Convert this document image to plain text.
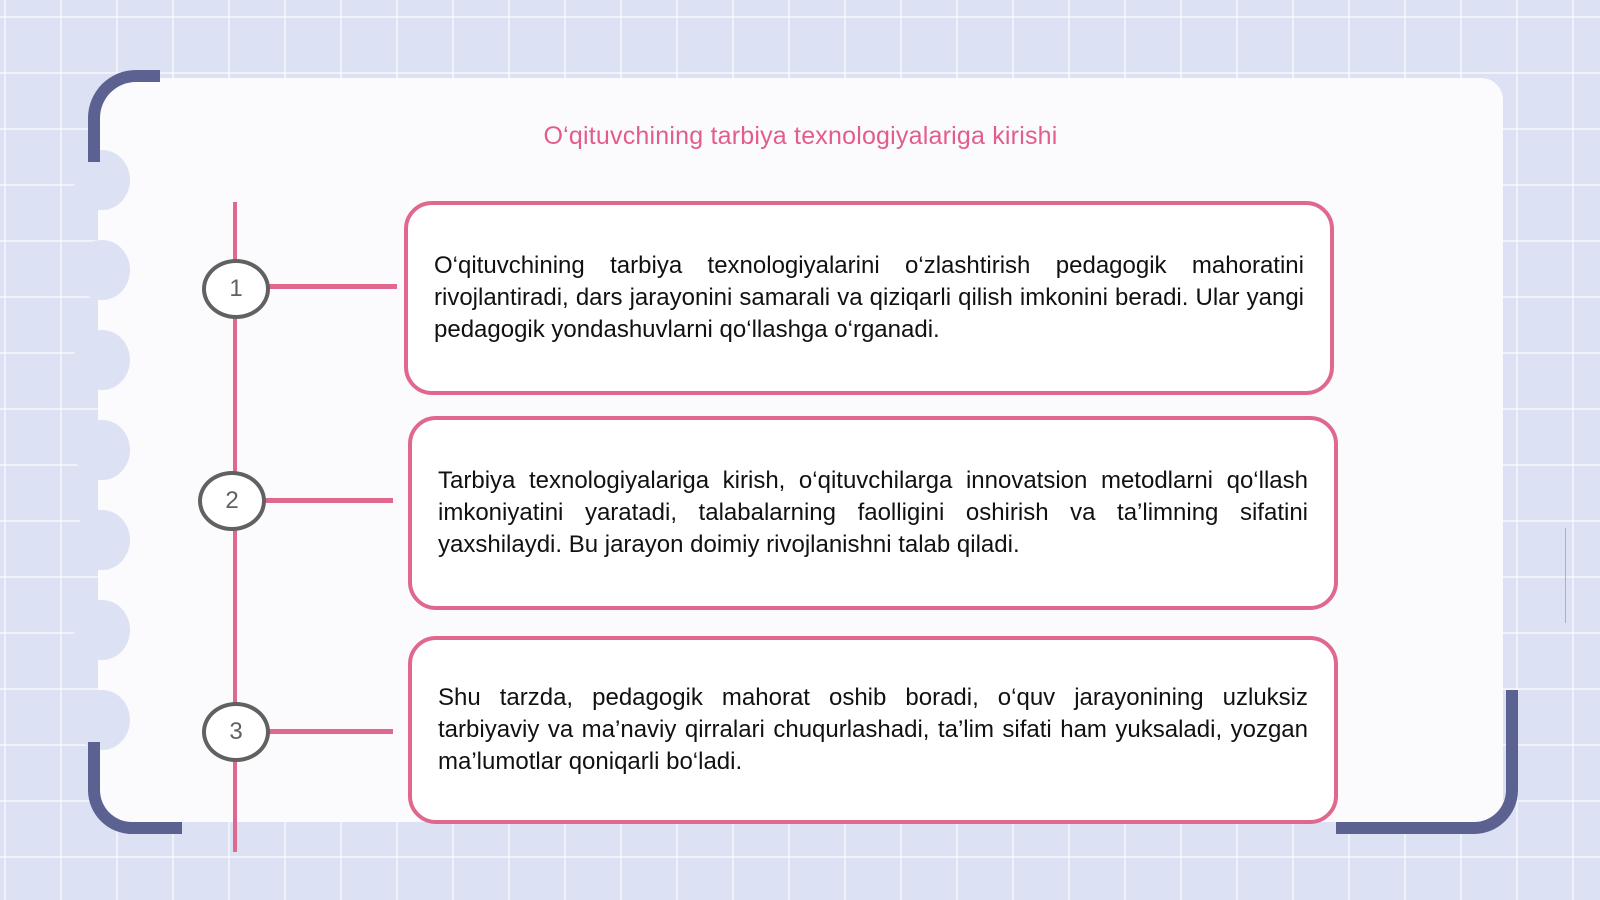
O‘qituvchining tarbiya texnologiyalariga kirishi
1
2
3

O‘qituvchining tarbiya texnologiyalarini o‘zlashtirish pedagogik mahoratini rivojlantiradi, dars jarayonini samarali va qiziqarli qilish imkonini beradi. Ular yangi pedagogik yondashuvlarni qo‘llashga o‘rganadi.

Tarbiya texnologiyalariga kirish, o‘qituvchilarga innovatsion metodlarni qo‘llash imkoniyatini yaratadi, talabalarning faolligini oshirish va ta’limning sifatini yaxshilaydi. Bu jarayon doimiy rivojlanishni talab qiladi.

Shu tarzda, pedagogik mahorat oshib boradi, o‘quv jarayonining uzluksiz tarbiyaviy va ma’naviy qirralari chuqurlashadi, ta’lim sifati ham yuksaladi, yozgan ma’lumotlar qoniqarli bo‘ladi.
